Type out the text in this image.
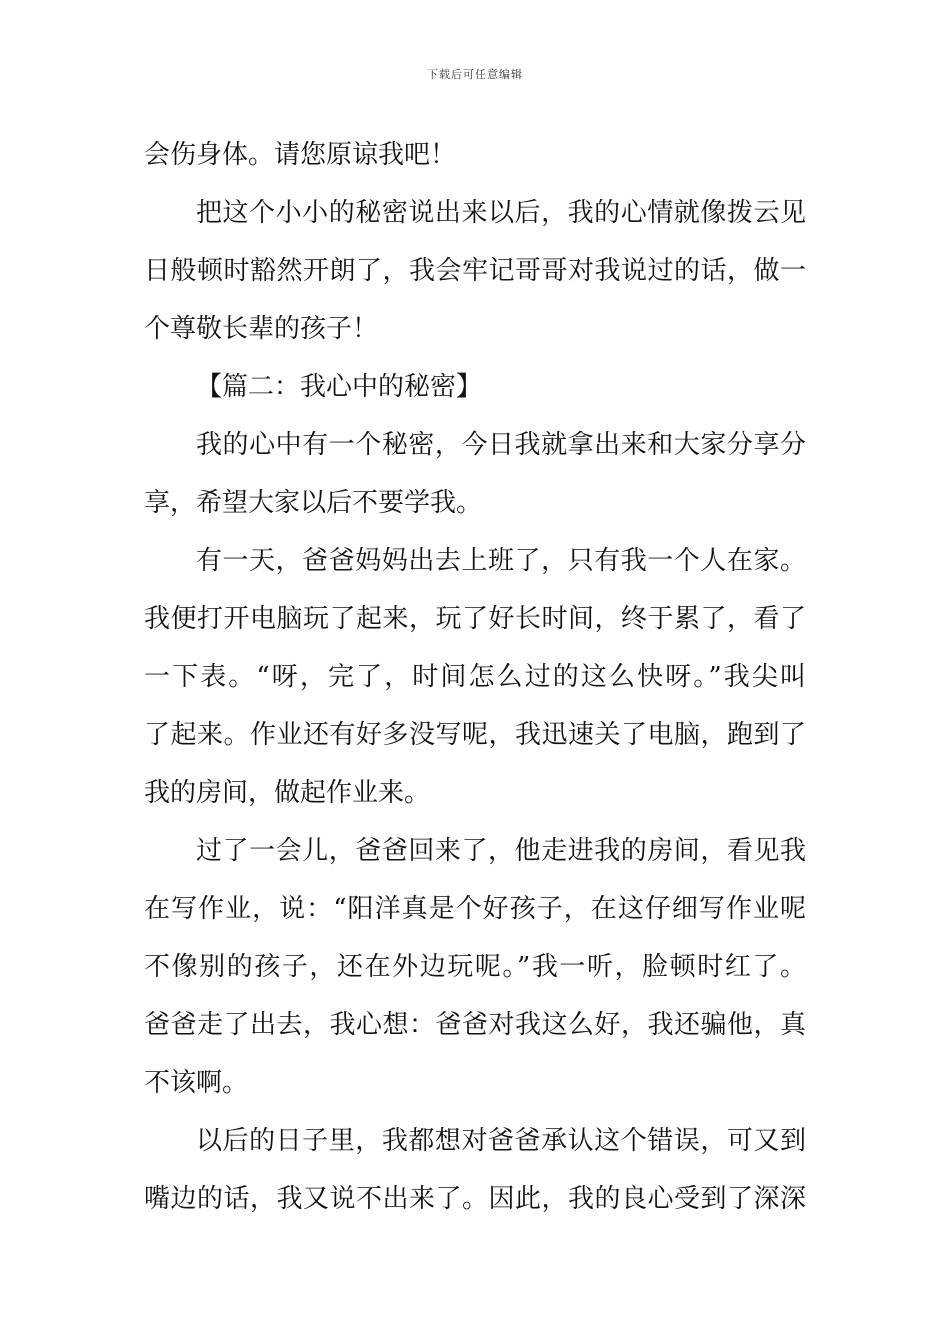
下载后可任意编辑
会伤身体。请您原谅我吧！
把这个小小的秘密说出来以后，我的心情就像拨云见
日般顿时豁然开朗了，我会牢记哥哥对我说过的话，做一
个尊敬长辈的孩子！
【篇二：我心中的秘密】
我的心中有一个秘密，今日我就拿出来和大家分享分
享，希望大家以后不要学我。
有一天，爸爸妈妈出去上班了，只有我一个人在家。
我便打开电脑玩了起来，玩了好长时间，终于累了，看了
一下表。“呀，完了，时间怎么过的这么快呀。”我尖叫
了起来。作业还有好多没写呢，我迅速关了电脑，跑到了
我的房间，做起作业来。
过了一会儿，爸爸回来了，他走进我的房间，看见我
在写作业，说：“阳洋真是个好孩子，在这仔细写作业呢
不像别的孩子，还在外边玩呢。”我一听，脸顿时红了。
爸爸走了出去，我心想：爸爸对我这么好，我还骗他，真
不该啊。
以后的日子里，我都想对爸爸承认这个错误，可又到
嘴边的话，我又说不出来了。因此，我的良心受到了深深
